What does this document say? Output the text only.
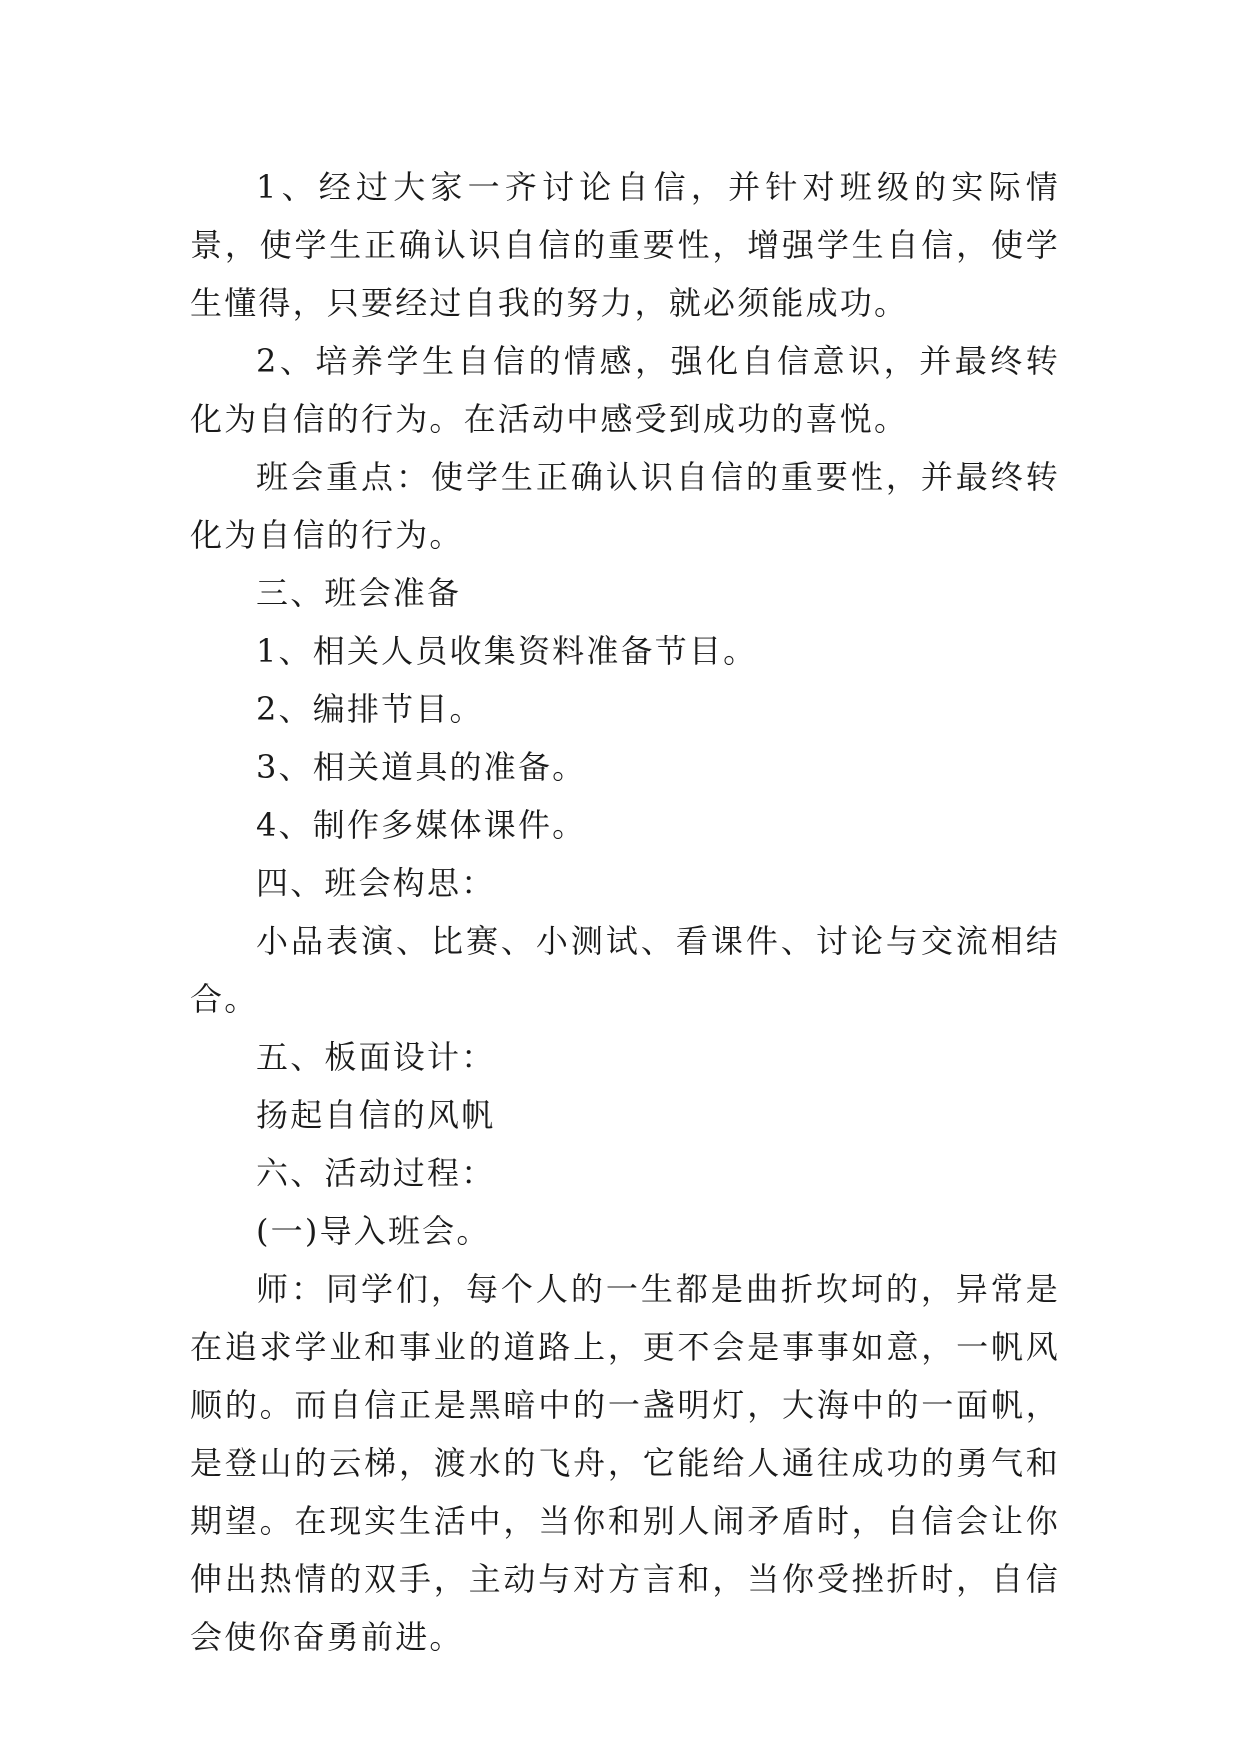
1、经过大家一齐讨论自信，并针对班级的实际情景，使学生正确认识自信的重要性，增强学生自信，使学生懂得，只要经过自我的努力，就必须能成功。

2、培养学生自信的情感，强化自信意识，并最终转化为自信的行为。在活动中感受到成功的喜悦。

班会重点：使学生正确认识自信的重要性，并最终转化为自信的行为。

三、班会准备

1、相关人员收集资料准备节目。

2、编排节目。

3、相关道具的准备。

4、制作多媒体课件。

四、班会构思：

小品表演、比赛、小测试、看课件、讨论与交流相结合。

五、板面设计：

扬起自信的风帆

六、活动过程：

(一)导入班会。

师：同学们，每个人的一生都是曲折坎坷的，异常是在追求学业和事业的道路上，更不会是事事如意，一帆风顺的。而自信正是黑暗中的一盏明灯，大海中的一面帆，是登山的云梯，渡水的飞舟，它能给人通往成功的勇气和期望。在现实生活中，当你和别人闹矛盾时，自信会让你伸出热情的双手，主动与对方言和，当你受挫折时，自信会使你奋勇前进。
